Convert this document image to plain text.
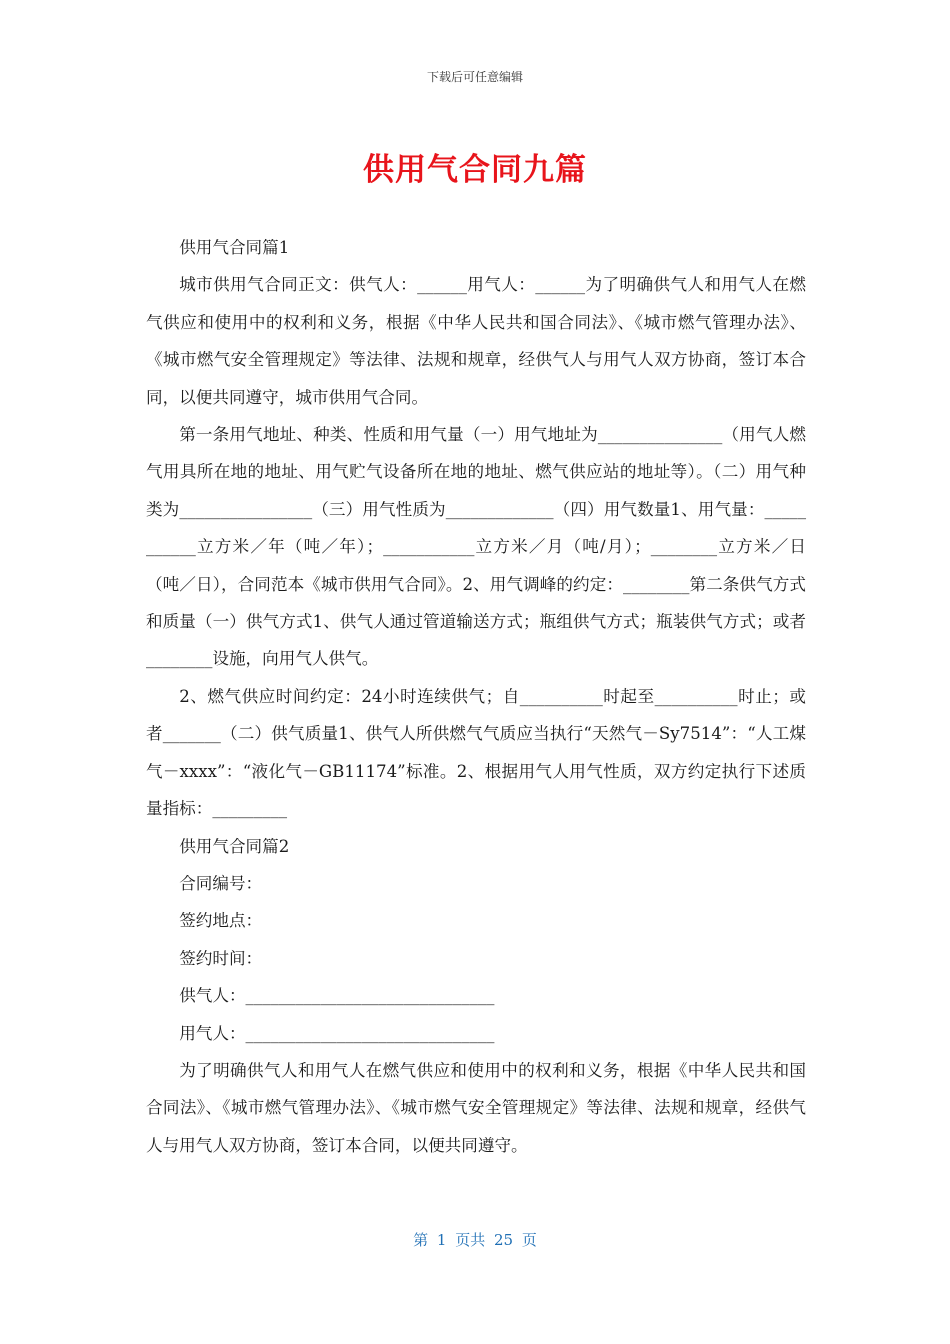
下载后可任意编辑
供用气合同九篇

供用气合同篇1

城市供用气合同正文：供气人：______用气人：______为了明确供气人和用气人在燃气供应和使用中的权利和义务，根据《中华人民共和国合同法》、《城市燃气管理办法》、《城市燃气安全管理规定》等法律、法规和规章，经供气人与用气人双方协商，签订本合同，以便共同遵守，城市供用气合同。

第一条用气地址、种类、性质和用气量（一）用气地址为_______________（用气人燃气用具所在地的地址、用气贮气设备所在地的地址、燃气供应站的地址等）。（二）用气种类为________________（三）用气性质为_____________（四）用气数量1、用气量：___________立方米／年（吨／年）；___________立方米／月（吨/月）；________立方米／日（吨／日），合同范本《城市供用气合同》。2、用气调峰的约定：________第二条供气方式和质量（一）供气方式1、供气人通过管道输送方式；瓶组供气方式；瓶装供气方式；或者________设施，向用气人供气。

2、燃气供应时间约定：24小时连续供气；自__________时起至__________时止；或者_______（二）供气质量1、供气人所供燃气气质应当执行“天然气－Sy7514”：“人工煤气－xxxx”：“液化气－GB11174”标准。2、根据用气人用气性质，双方约定执行下述质量指标：_________

供用气合同篇2

合同编号：

签约地点：

签约时间：

供气人：______________________________

用气人：______________________________

为了明确供气人和用气人在燃气供应和使用中的权利和义务，根据《中华人民共和国合同法》、《城市燃气管理办法》、《城市燃气安全管理规定》等法律、法规和规章，经供气人与用气人双方协商，签订本合同，以便共同遵守。

第 1 页共 25 页
